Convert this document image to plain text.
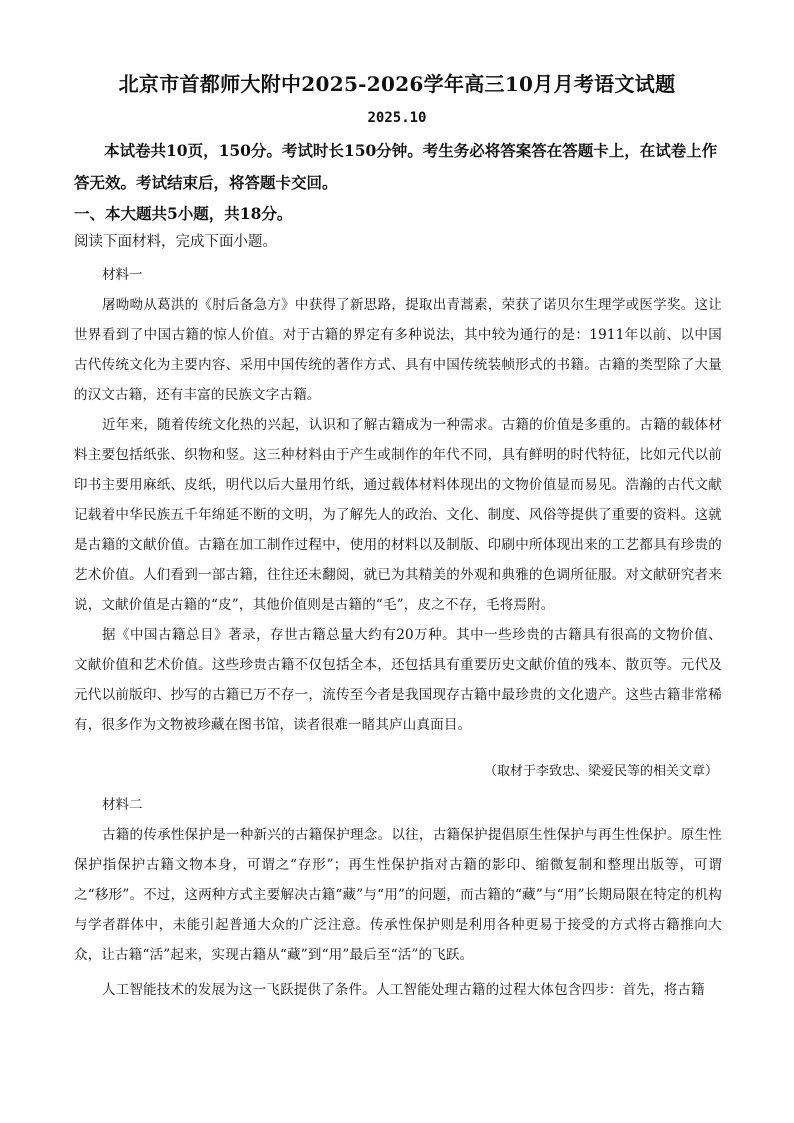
北京市首都师大附中2025-2026学年高三10月月考语文试题
2025.10
本试卷共10页，150分。考试时长150分钟。考生务必将答案答在答题卡上，在试卷上作答无效。考试结束后，将答题卡交回。
一、本大题共5小题，共18分。
阅读下面材料，完成下面小题。
材料一
屠呦呦从葛洪的《肘后备急方》中获得了新思路，提取出青蒿素，荣获了诺贝尔生理学或医学奖。这让世界看到了中国古籍的惊人价值。对于古籍的界定有多种说法，其中较为通行的是：1911年以前、以中国古代传统文化为主要内容、采用中国传统的著作方式、具有中国传统装帧形式的书籍。古籍的类型除了大量的汉文古籍，还有丰富的民族文字古籍。
近年来，随着传统文化热的兴起，认识和了解古籍成为一种需求。古籍的价值是多重的。古籍的载体材料主要包括纸张、织物和竖。这三种材料由于产生或制作的年代不同，具有鲜明的时代特征，比如元代以前印书主要用麻纸、皮纸，明代以后大量用竹纸，通过载体材料体现出的文物价值显而易见。浩瀚的古代文献记载着中华民族五千年绵延不断的文明，为了解先人的政治、文化、制度、风俗等提供了重要的资料。这就是古籍的文献价值。古籍在加工制作过程中，使用的材料以及制版、印刷中所体现出来的工艺都具有珍贵的艺术价值。人们看到一部古籍，往往还未翻阅，就已为其精美的外观和典雅的色调所征服。对文献研究者来说，文献价值是古籍的“皮”，其他价值则是古籍的“毛”，皮之不存，毛将焉附。
据《中国古籍总目》著录，存世古籍总量大约有20万种。其中一些珍贵的古籍具有很高的文物价值、文献价值和艺术价值。这些珍贵古籍不仅包括全本，还包括具有重要历史文献价值的残本、散页等。元代及元代以前版印、抄写的古籍已万不存一，流传至今者是我国现存古籍中最珍贵的文化遗产。这些古籍非常稀有，很多作为文物被珍藏在图书馆，读者很难一睹其庐山真面目。
（取材于李致忠、梁爱民等的相关文章）
材料二
古籍的传承性保护是一种新兴的古籍保护理念。以往，古籍保护提倡原生性保护与再生性保护。原生性保护指保护古籍文物本身，可谓之“存形”；再生性保护指对古籍的影印、缩微复制和整理出版等，可谓之“移形”。不过，这两种方式主要解决古籍“藏”与“用”的问题，而古籍的“藏”与“用”长期局限在特定的机构与学者群体中，未能引起普通大众的广泛注意。传承性保护则是利用各种更易于接受的方式将古籍推向大众，让古籍“活”起来，实现古籍从“藏”到“用”最后至“活”的飞跃。
人工智能技术的发展为这一飞跃提供了条件。人工智能处理古籍的过程大体包含四步：首先，将古籍
